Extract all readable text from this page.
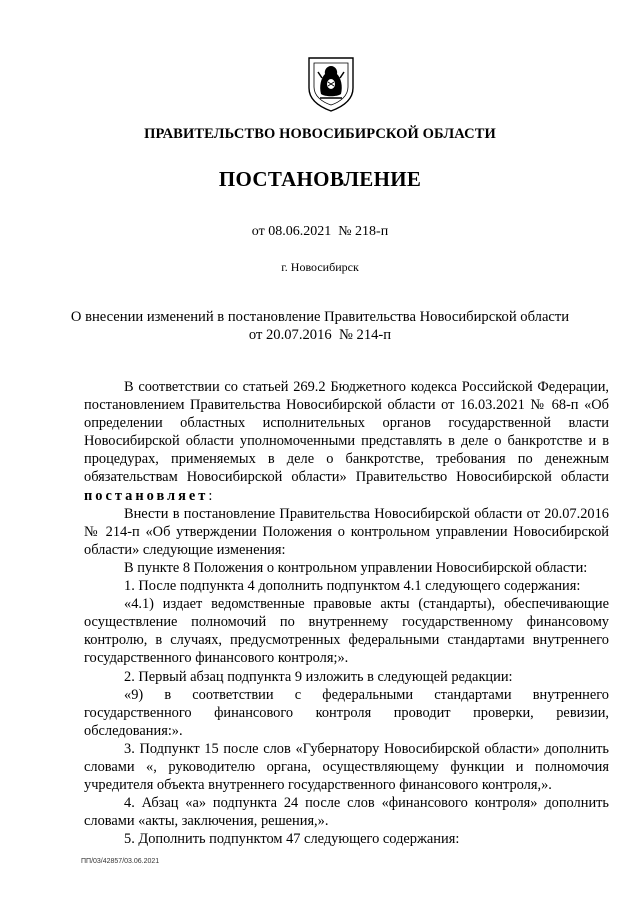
ПРАВИТЕЛЬСТВО НОВОСИБИРСКОЙ ОБЛАСТИ
ПОСТАНОВЛЕНИЕ
от 08.06.2021  № 218-п
г. Новосибирск
О внесении изменений в постановление Правительства Новосибирской области
от 20.07.2016  № 214-п

В соответствии со статьей 269.2 Бюджетного кодекса Российской Федерации, постановлением Правительства Новосибирской области от 16.03.2021 № 68-п «Об определении областных исполнительных органов государственной власти Новосибирской области уполномоченными представлять в деле о банкротстве и в процедурах, применяемых в деле о банкротстве, требования по денежным обязательствам Новосибирской области» Правительство Новосибирской области постановляет:

Внести в постановление Правительства Новосибирской области от 20.07.2016 № 214-п «Об утверждении Положения о контрольном управлении Новосибирской области» следующие изменения:

В пункте 8 Положения о контрольном управлении Новосибирской области:

1. После подпункта 4 дополнить подпунктом 4.1 следующего содержания:

«4.1) издает ведомственные правовые акты (стандарты), обеспечивающие осуществление полномочий по внутреннему государственному финансовому контролю, в случаях, предусмотренных федеральными стандартами внутреннего государственного финансового контроля;».

2. Первый абзац подпункта 9 изложить в следующей редакции:

«9) в соответствии с федеральными стандартами внутреннего государственного финансового контроля проводит проверки, ревизии, обследования:».

3. Подпункт 15 после слов «Губернатору Новосибирской области» дополнить словами «, руководителю органа, осуществляющему функции и полномочия учредителя объекта внутреннего государственного финансового контроля,».

4. Абзац «а» подпункта 24 после слов «финансового контроля» дополнить словами «акты, заключения, решения,».

5. Дополнить подпунктом 47 следующего содержания:

ПП/03/42857/03.06.2021
